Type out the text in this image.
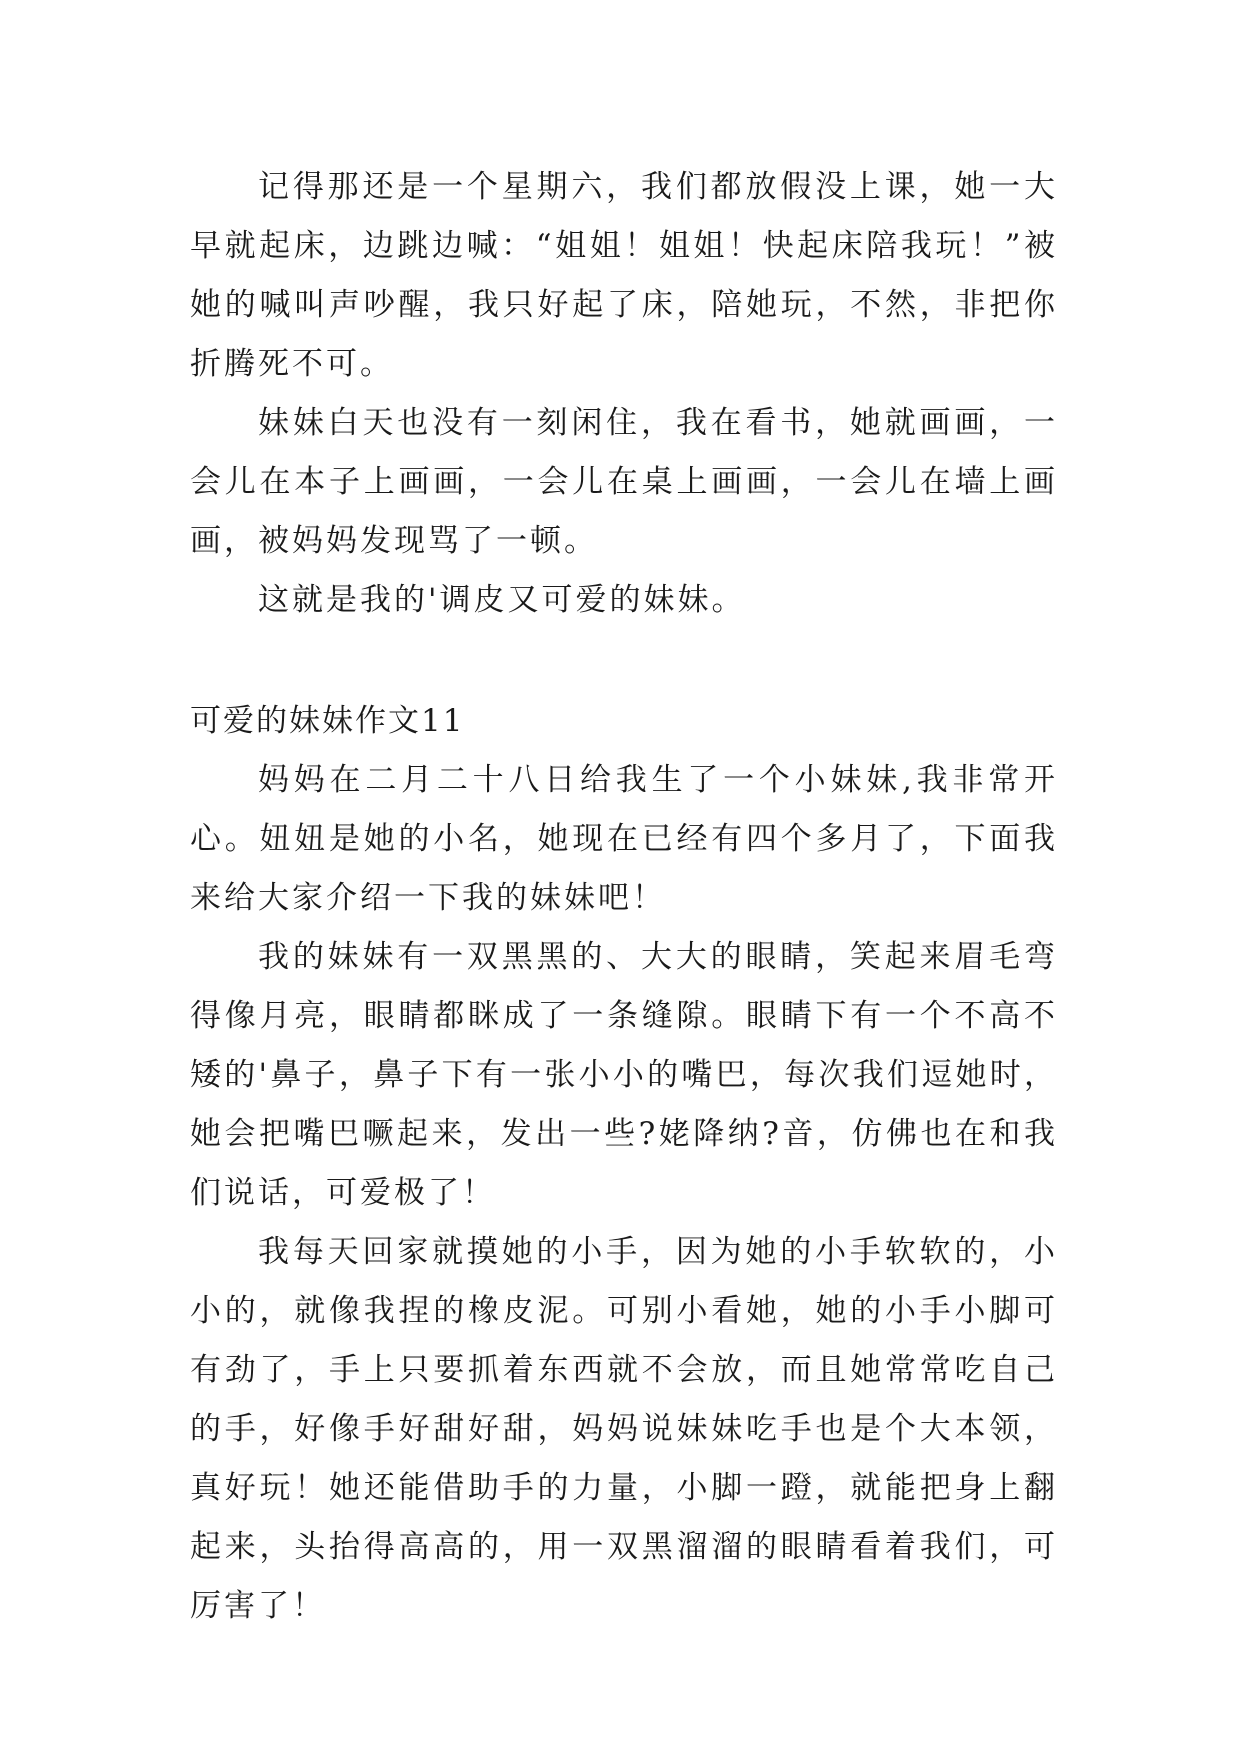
记得那还是一个星期六，我们都放假没上课，她一大早就起床，边跳边喊：“姐姐！姐姐！快起床陪我玩！”被她的喊叫声吵醒，我只好起了床，陪她玩，不然，非把你折腾死不可。

妹妹白天也没有一刻闲住，我在看书，她就画画，一会儿在本子上画画，一会儿在桌上画画，一会儿在墙上画画，被妈妈发现骂了一顿。

这就是我的'调皮又可爱的妹妹。

可爱的妹妹作文11

妈妈在二月二十八日给我生了一个小妹妹,我非常开心。妞妞是她的小名，她现在已经有四个多月了，下面我来给大家介绍一下我的妹妹吧！

我的妹妹有一双黑黑的、大大的眼睛，笑起来眉毛弯得像月亮，眼睛都眯成了一条缝隙。眼睛下有一个不高不矮的'鼻子，鼻子下有一张小小的嘴巴，每次我们逗她时，她会把嘴巴噘起来，发出一些?姥降纳?音，仿佛也在和我们说话，可爱极了！

我每天回家就摸她的小手，因为她的小手软软的，小小的，就像我捏的橡皮泥。可别小看她，她的小手小脚可有劲了，手上只要抓着东西就不会放，而且她常常吃自己的手，好像手好甜好甜，妈妈说妹妹吃手也是个大本领，真好玩！她还能借助手的力量，小脚一蹬，就能把身上翻起来，头抬得高高的，用一双黑溜溜的眼睛看着我们，可厉害了！
